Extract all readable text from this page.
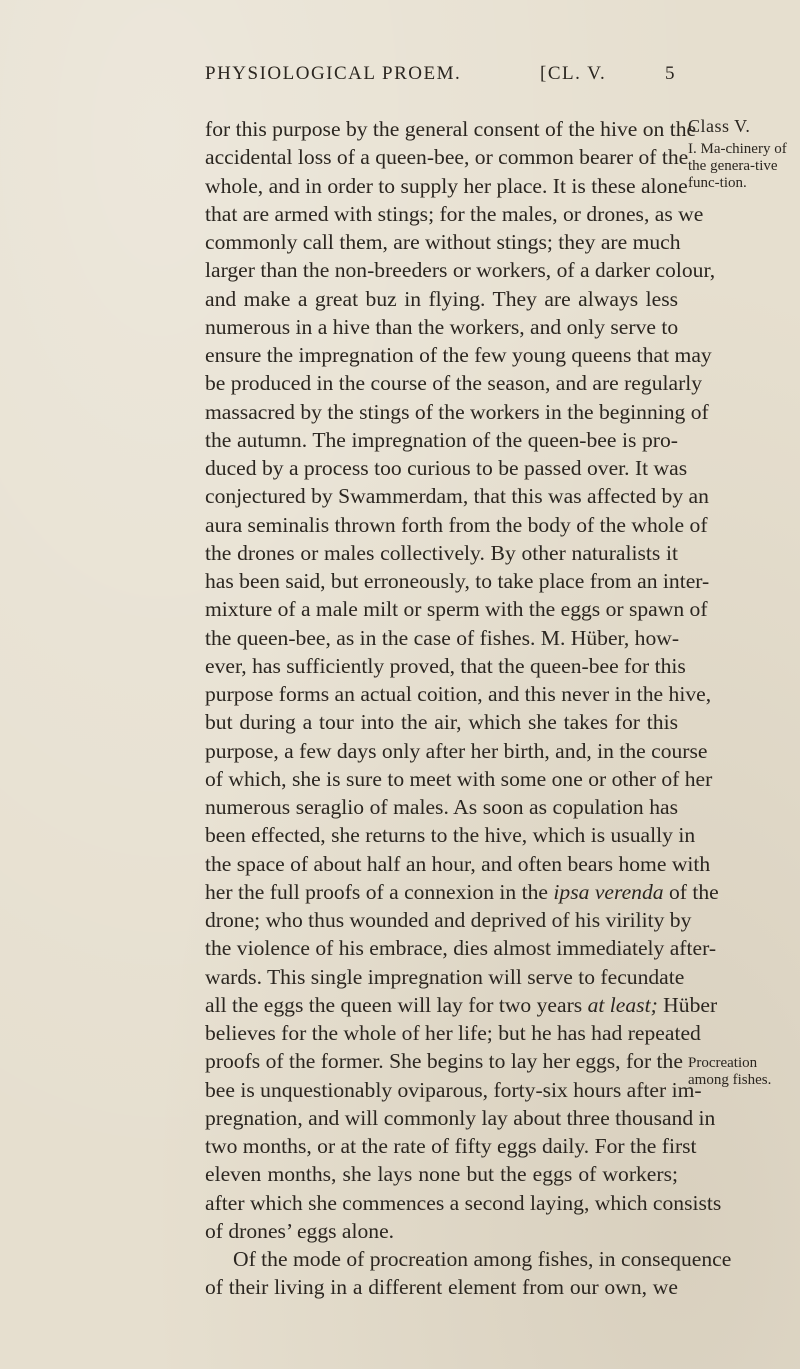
PHYSIOLOGICAL PROEM.	[CL. V.	5
Class V.
I. Ma-chinery of the genera-tive func-tion.
Procreation among fishes.
for this purpose by the general consent of the hive on the
accidental loss of a queen-bee, or common bearer of the
whole, and in order to supply her place. It is these alone
that are armed with stings; for the males, or drones, as we
commonly call them, are without stings; they are much
larger than the non-breeders or workers, of a darker colour,
and make a great buz in flying. They are always less
numerous in a hive than the workers, and only serve to
ensure the impregnation of the few young queens that may
be produced in the course of the season, and are regularly
massacred by the stings of the workers in the beginning of
the autumn. The impregnation of the queen-bee is pro-
duced by a process too curious to be passed over. It was
conjectured by Swammerdam, that this was affected by an
aura seminalis thrown forth from the body of the whole of
the drones or males collectively. By other naturalists it
has been said, but erroneously, to take place from an inter-
mixture of a male milt or sperm with the eggs or spawn of
the queen-bee, as in the case of fishes. M. Hüber, how-
ever, has sufficiently proved, that the queen-bee for this
purpose forms an actual coition, and this never in the hive,
but during a tour into the air, which she takes for this
purpose, a few days only after her birth, and, in the course
of which, she is sure to meet with some one or other of her
numerous seraglio of males. As soon as copulation has
been effected, she returns to the hive, which is usually in
the space of about half an hour, and often bears home with
her the full proofs of a connexion in the ipsa verenda of the
drone; who thus wounded and deprived of his virility by
the violence of his embrace, dies almost immediately after-
wards. This single impregnation will serve to fecundate
all the eggs the queen will lay for two years at least; Hüber
believes for the whole of her life; but he has had repeated
proofs of the former. She begins to lay her eggs, for the
bee is unquestionably oviparous, forty-six hours after im-
pregnation, and will commonly lay about three thousand in
two months, or at the rate of fifty eggs daily. For the first
eleven months, she lays none but the eggs of workers;
after which she commences a second laying, which consists
of drones’ eggs alone.
Of the mode of procreation among fishes, in consequence
of their living in a different element from our own, we
